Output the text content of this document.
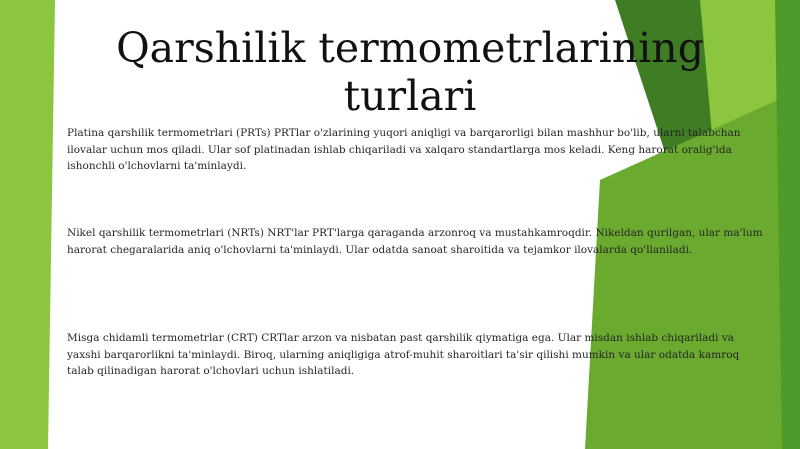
Qarshilik termometrlarining turlari

Platina qarshilik termometrlari (PRTs) PRTlar o'zlarining yuqori aniqligi va barqarorligi bilan mashhur bo'lib, ularni talabchan ilovalar uchun mos qiladi. Ular sof platinadan ishlab chiqariladi va xalqaro standartlarga mos keladi. Keng harorat oralig'ida ishonchli o'lchovlarni ta'minlaydi.

Nikel qarshilik termometrlari (NRTs) NRT'lar PRT'larga qaraganda arzonroq va mustahkamroqdir. Nikeldan qurilgan, ular ma'lum harorat chegaralarida aniq o'lchovlarni ta'minlaydi. Ular odatda sanoat sharoitida va tejamkor ilovalarda qo'llaniladi.

Misga chidamli termometrlar (CRT) CRTlar arzon va nisbatan past qarshilik qiymatiga ega. Ular misdan ishlab chiqariladi va yaxshi barqarorlikni ta'minlaydi. Biroq, ularning aniqligiga atrof-muhit sharoitlari ta'sir qilishi mumkin va ular odatda kamroq talab qilinadigan harorat o'lchovlari uchun ishlatiladi.
